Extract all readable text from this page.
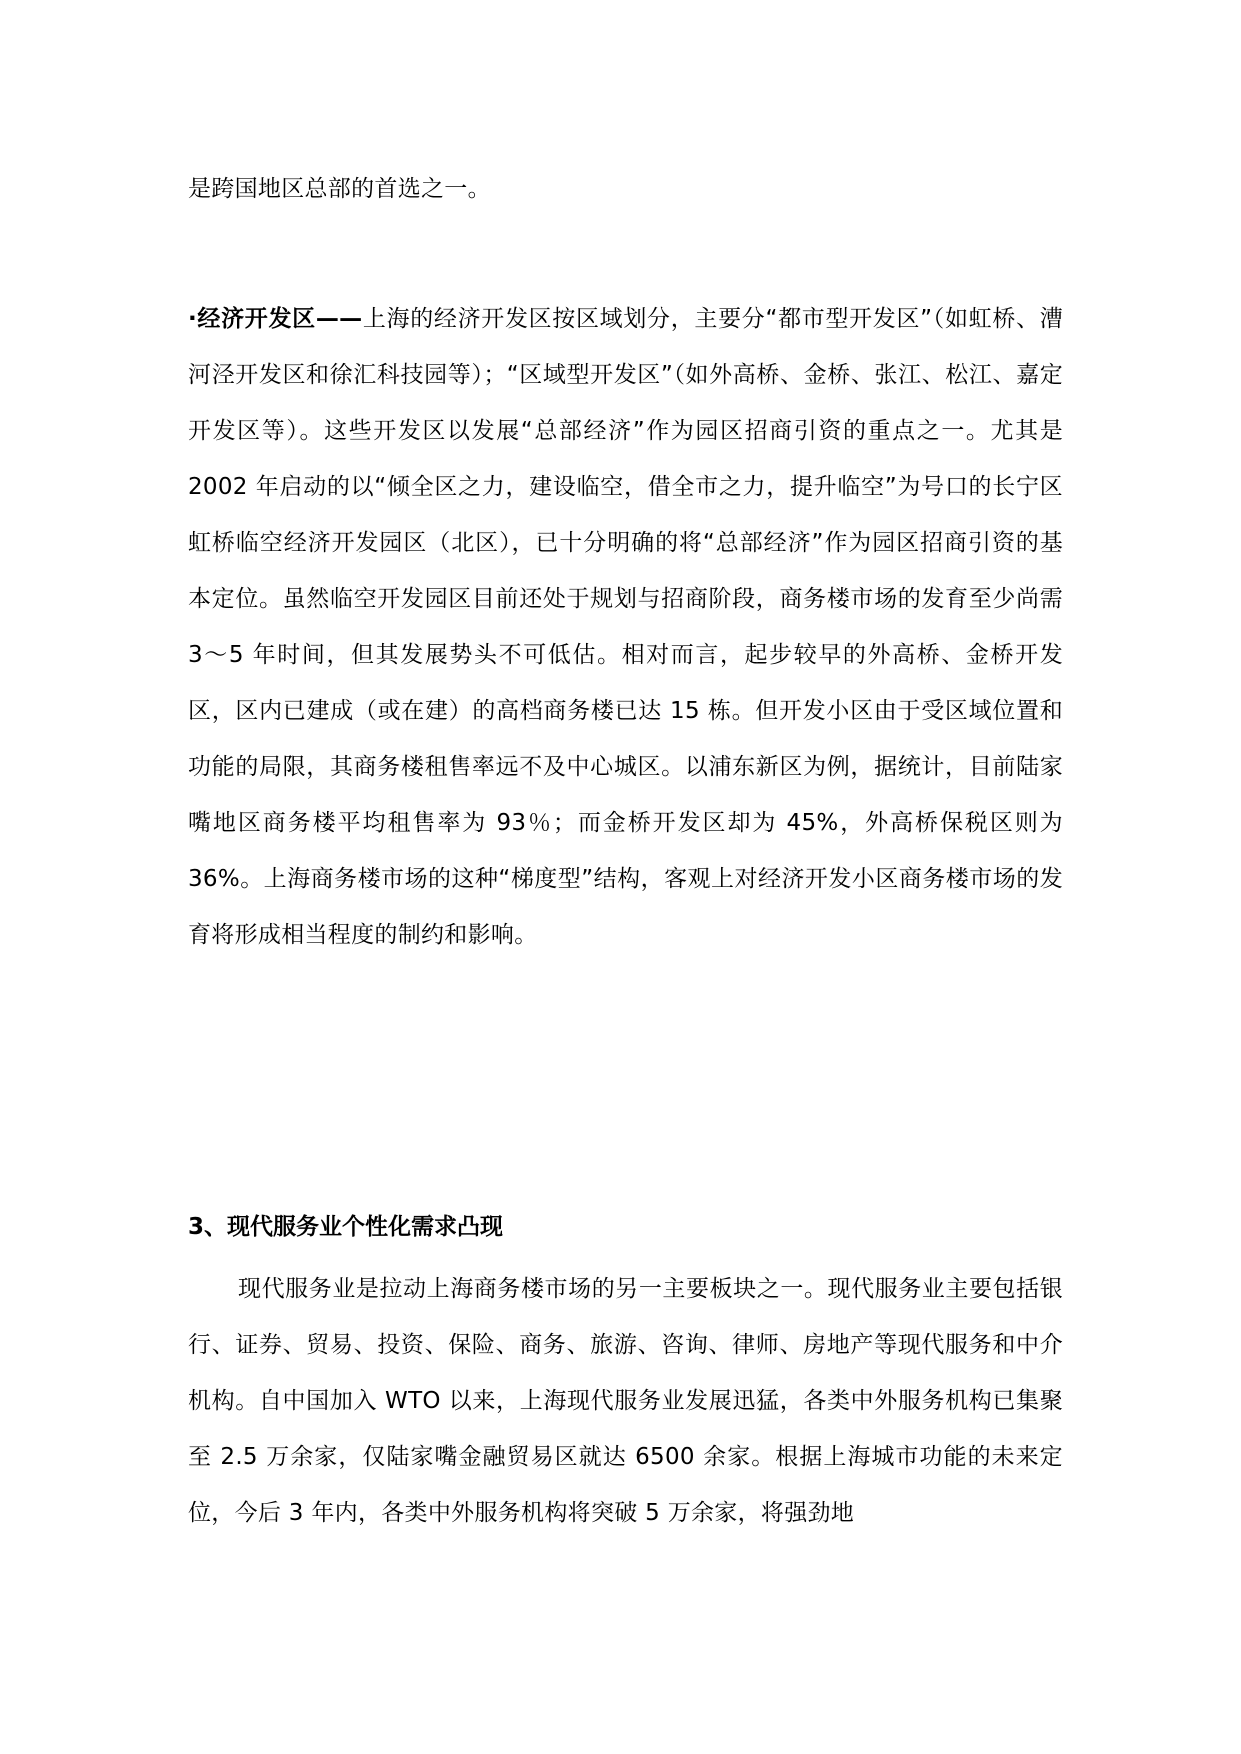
是跨国地区总部的首选之一。

·经济开发区——上海的经济开发区按区域划分，主要分“都市型开发区”（如虹桥、漕河泾开发区和徐汇科技园等）；“区域型开发区”（如外高桥、金桥、张江、松江、嘉定开发区等）。这些开发区以发展“总部经济”作为园区招商引资的重点之一。尤其是 2002 年启动的以“倾全区之力，建设临空，借全市之力，提升临空”为号口的长宁区虹桥临空经济开发园区（北区），已十分明确的将“总部经济”作为园区招商引资的基本定位。虽然临空开发园区目前还处于规划与招商阶段，商务楼市场的发育至少尚需 3～5 年时间，但其发展势头不可低估。相对而言，起步较早的外高桥、金桥开发区，区内已建成（或在建）的高档商务楼已达 15 栋。但开发小区由于受区域位置和功能的局限，其商务楼租售率远不及中心城区。以浦东新区为例，据统计，目前陆家嘴地区商务楼平均租售率为 93％；而金桥开发区却为 45%，外高桥保税区则为 36%。上海商务楼市场的这种“梯度型”结构，客观上对经济开发小区商务楼市场的发育将形成相当程度的制约和影响。

3、现代服务业个性化需求凸现

现代服务业是拉动上海商务楼市场的另一主要板块之一。现代服务业主要包括银行、证券、贸易、投资、保险、商务、旅游、咨询、律师、房地产等现代服务和中介机构。自中国加入 WTO 以来，上海现代服务业发展迅猛，各类中外服务机构已集聚至 2.5 万余家，仅陆家嘴金融贸易区就达 6500 余家。根据上海城市功能的未来定位，今后 3 年内，各类中外服务机构将突破 5 万余家，将强劲地
